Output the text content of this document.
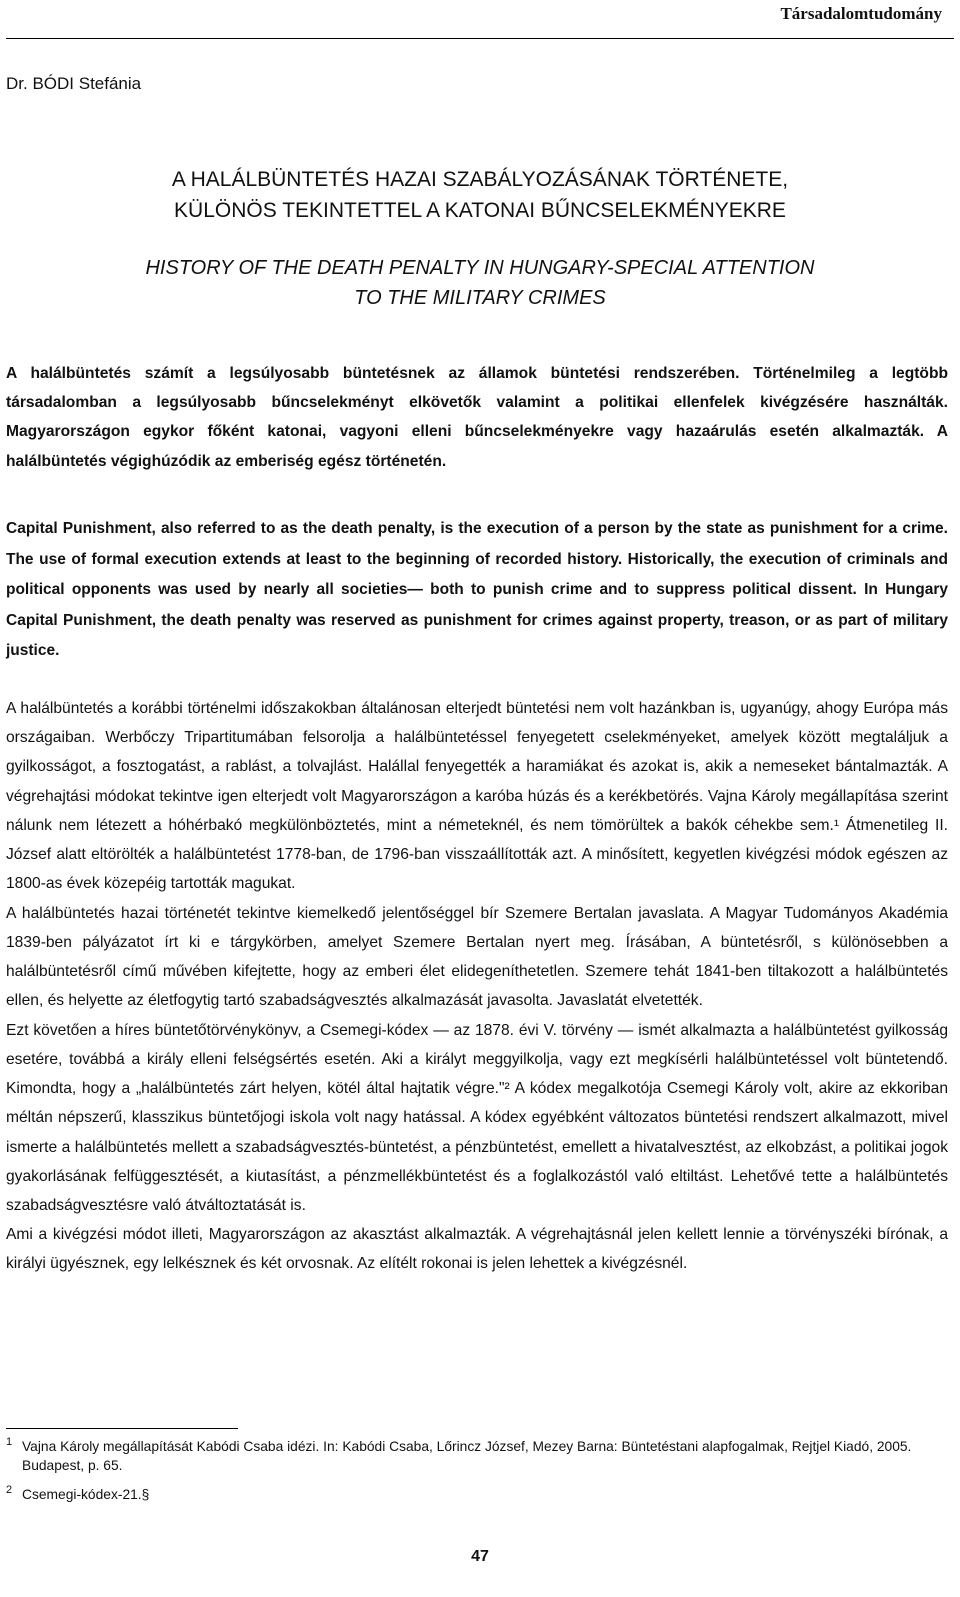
Társadalomtudomány
Dr. BÓDI Stefánia
A HALÁLBÜNTETÉS HAZAI SZABÁLYOZÁSÁNAK TÖRTÉNETE,
KÜLÖNÖS TEKINTETTEL A KATONAI BŰNCSELEKMÉNYEKRE
HISTORY OF THE DEATH PENALTY IN HUNGARY-SPECIAL ATTENTION
TO THE MILITARY CRIMES
A halálbüntetés számít a legsúlyosabb büntetésnek az államok büntetési rendszerében. Történelmileg a legtöbb társadalomban a legsúlyosabb bűncselekményt elkövetők valamint a politikai ellenfelek kivégzésére használták. Magyarországon egykor főként katonai, vagyoni elleni bűncselekményekre vagy hazaárulás esetén alkalmazták. A halálbüntetés végighúzódik az emberiség egész történetén.
Capital Punishment, also referred to as the death penalty, is the execution of a person by the state as punishment for a crime. The use of formal execution extends at least to the beginning of recorded history. Historically, the execution of criminals and political opponents was used by nearly all societies— both to punish crime and to suppress political dissent. In Hungary Capital Punishment, the death penalty was reserved as punishment for crimes against property, treason, or as part of military justice.
A halálbüntetés a korábbi történelmi időszakokban általánosan elterjedt büntetési nem volt hazánkban is, ugyanúgy, ahogy Európa más országaiban. Werbőczy Tripartitumában felsorolja a halálbüntetéssel fenyegetett cselekményeket, amelyek között megtaláljuk a gyilkosságot, a fosztogatást, a rablást, a tolvajlást. Halállal fenyegették a haramiákat és azokat is, akik a nemeseket bántalmazták. A végrehajtási módokat tekintve igen elterjedt volt Magyarországon a karóba húzás és a kerékbetörés. Vajna Károly megállapítása szerint nálunk nem létezett a hóhérbakó megkülönböztetés, mint a németeknél, és nem tömörültek a bakók céhekbe sem.¹ Átmenetileg II. József alatt eltörölték a halálbüntetést 1778-ban, de 1796-ban visszaállították azt. A minősített, kegyetlen kivégzési módok egészen az 1800-as évek közepéig tartották magukat.
A halálbüntetés hazai történetét tekintve kiemelkedő jelentőséggel bír Szemere Bertalan javaslata. A Magyar Tudományos Akadémia 1839-ben pályázatot írt ki e tárgykörben, amelyet Szemere Bertalan nyert meg. Írásában, A büntetésről, s különösebben a halálbüntetésről című művében kifejtette, hogy az emberi élet elidegeníthetetlen. Szemere tehát 1841-ben tiltakozott a halálbüntetés ellen, és helyette az életfogytig tartó szabadságvesztés alkalmazását javasolta. Javaslatát elvetették.
Ezt követően a híres büntetőtörvénykönyv, a Csemegi-kódex — az 1878. évi V. törvény — ismét alkalmazta a halálbüntetést gyilkosság esetére, továbbá a király elleni felségsértés esetén. Aki a királyt meggyilkolja, vagy ezt megkísérli halálbüntetéssel volt büntetendő. Kimondta, hogy a „halálbüntetés zárt helyen, kötél által hajtatik végre."² A kódex megalkotója Csemegi Károly volt, akire az ekkoriban méltán népszerű, klasszikus büntetőjogi iskola volt nagy hatással. A kódex egyébként változatos büntetési rendszert alkalmazott, mivel ismerte a halálbüntetés mellett a szabadságvesztés-büntetést, a pénzbüntetést, emellett a hivatalvesztést, az elkobzást, a politikai jogok gyakorlásának felfüggesztését, a kiutasítást, a pénzmellékbüntetést és a foglalkozástól való eltiltást. Lehetővé tette a halálbüntetés szabadságvesztésre való átváltoztatását is.
Ami a kivégzési módot illeti, Magyarországon az akasztást alkalmazták. A végrehajtásnál jelen kellett lennie a törvényszéki bírónak, a királyi ügyésznek, egy lelkésznek és két orvosnak. Az elítélt rokonai is jelen lehettek a kivégzésnél.
1 Vajna Károly megállapítását Kabódi Csaba idézi. In: Kabódi Csaba, Lőrincz József, Mezey Barna: Büntetéstani alapfogalmak, Rejtjel Kiadó, 2005. Budapest, p. 65.
2 Csemegi-kódex-21.§
47
